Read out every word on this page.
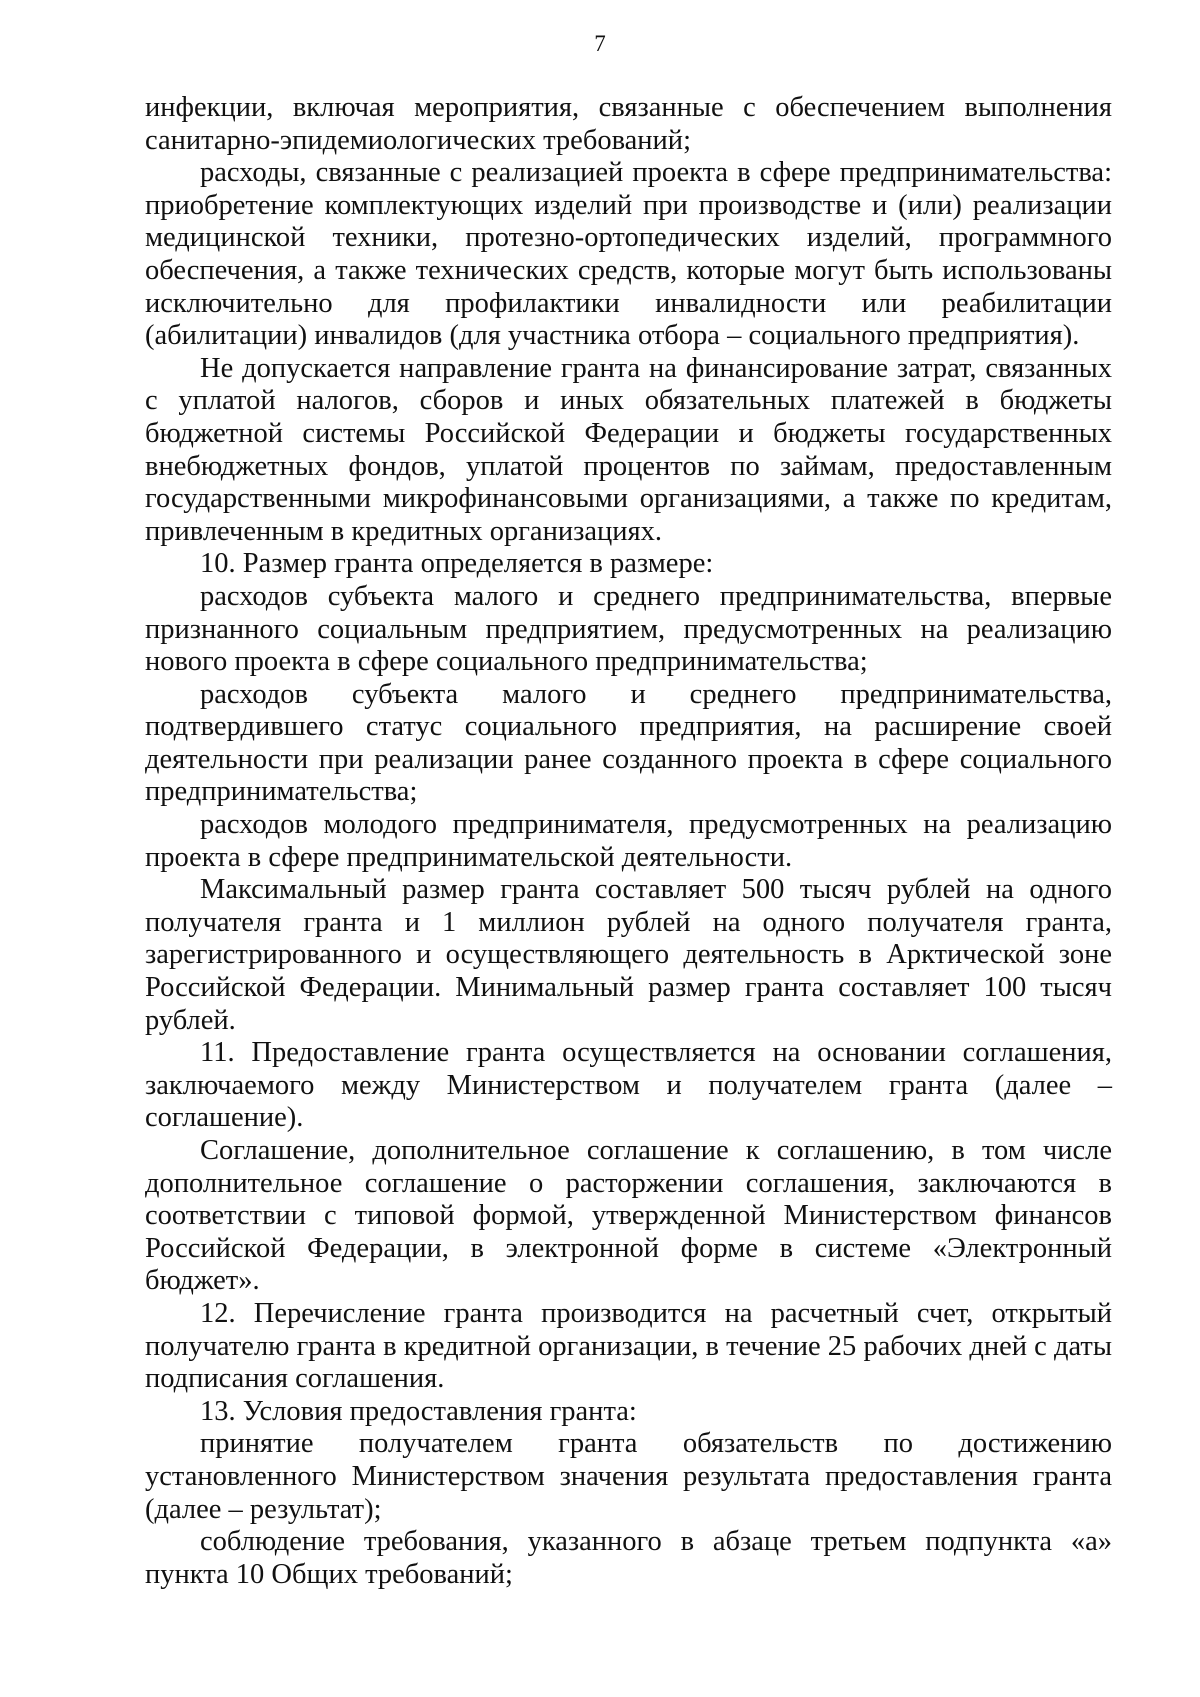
7

инфекции, включая мероприятия, связанные с обеспечением выполнения санитарно-эпидемиологических требований;

расходы, связанные с реализацией проекта в сфере предпринимательства: приобретение комплектующих изделий при производстве и (или) реализации медицинской техники, протезно-ортопедических изделий, программного обеспечения, а также технических средств, которые могут быть использованы исключительно для профилактики инвалидности или реабилитации (абилитации) инвалидов (для участника отбора – социального предприятия).

Не допускается направление гранта на финансирование затрат, связанных с уплатой налогов, сборов и иных обязательных платежей в бюджеты бюджетной системы Российской Федерации и бюджеты государственных внебюджетных фондов, уплатой процентов по займам, предоставленным государственными микрофинансовыми организациями, а также по кредитам, привлеченным в кредитных организациях.

10. Размер гранта определяется в размере:

расходов субъекта малого и среднего предпринимательства, впервые признанного социальным предприятием, предусмотренных на реализацию нового проекта в сфере социального предпринимательства;

расходов субъекта малого и среднего предпринимательства, подтвердившего статус социального предприятия, на расширение своей деятельности при реализации ранее созданного проекта в сфере социального предпринимательства;

расходов молодого предпринимателя, предусмотренных на реализацию проекта в сфере предпринимательской деятельности.

Максимальный размер гранта составляет 500 тысяч рублей на одного получателя гранта и 1 миллион рублей на одного получателя гранта, зарегистрированного и осуществляющего деятельность в Арктической зоне Российской Федерации. Минимальный размер гранта составляет 100 тысяч рублей.

11. Предоставление гранта осуществляется на основании соглашения, заключаемого между Министерством и получателем гранта (далее – соглашение).

Соглашение, дополнительное соглашение к соглашению, в том числе дополнительное соглашение о расторжении соглашения, заключаются в соответствии с типовой формой, утвержденной Министерством финансов Российской Федерации, в электронной форме в системе «Электронный бюджет».

12. Перечисление гранта производится на расчетный счет, открытый получателю гранта в кредитной организации, в течение 25 рабочих дней с даты подписания соглашения.

13. Условия предоставления гранта:

принятие получателем гранта обязательств по достижению установленного Министерством значения результата предоставления гранта (далее – результат);

соблюдение требования, указанного в абзаце третьем подпункта «а» пункта 10 Общих требований;
